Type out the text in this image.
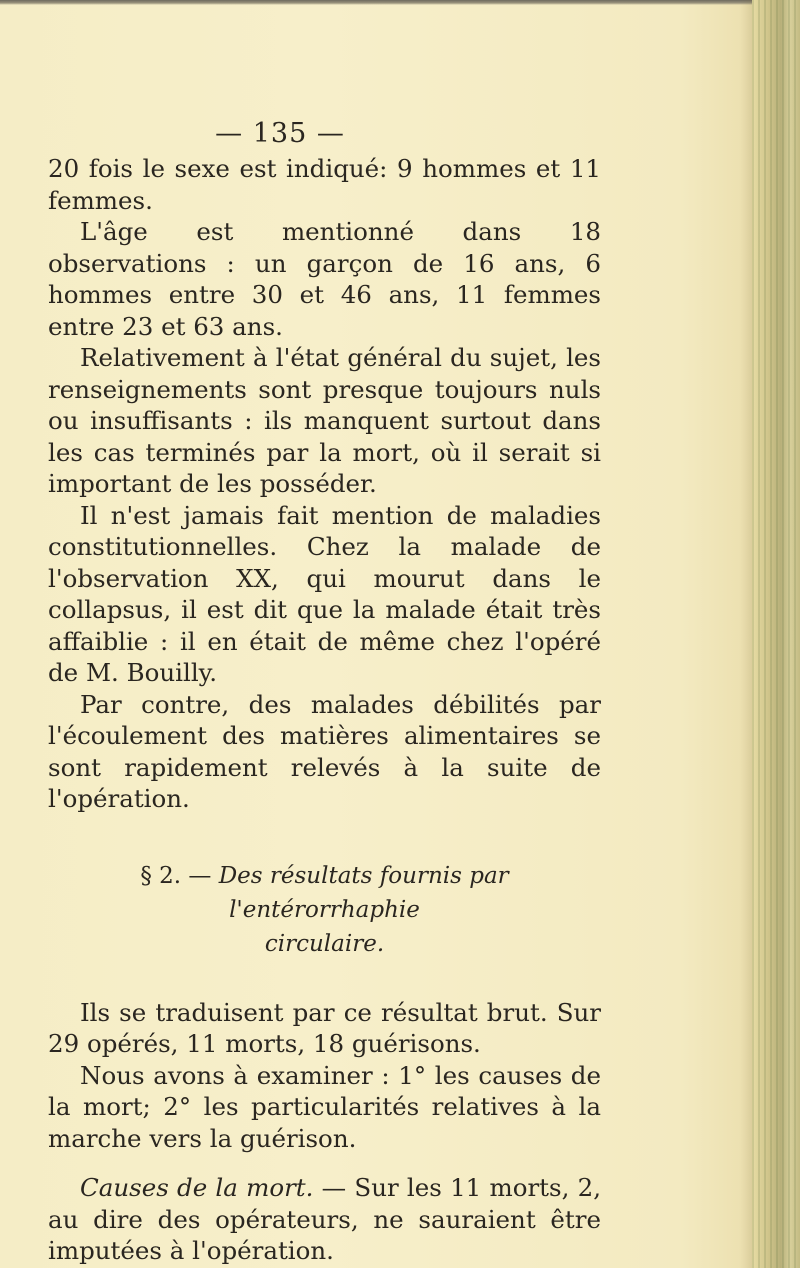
— 135 —

20 fois le sexe est indiqué: 9 hommes et 11 femmes.

L'âge est mentionné dans 18 observations : un garçon de 16 ans, 6 hommes entre 30 et 46 ans, 11 femmes entre 23 et 63 ans.

Relativement à l'état général du sujet, les renseignements sont presque toujours nuls ou insuffisants : ils manquent surtout dans les cas terminés par la mort, où il serait si important de les posséder.

Il n'est jamais fait mention de maladies constitutionnelles. Chez la malade de l'observation XX, qui mourut dans le collapsus, il est dit que la malade était très affaiblie : il en était de même chez l'opéré de M. Bouilly.

Par contre, des malades débilités par l'écoulement des matières alimentaires se sont rapidement relevés à la suite de l'opération.

§ 2. — Des résultats fournis par l'entérorrhaphie
circulaire.

Ils se traduisent par ce résultat brut. Sur 29 opérés, 11 morts, 18 guérisons.

Nous avons à examiner : 1° les causes de la mort; 2° les particularités relatives à la marche vers la guérison.

Causes de la mort. — Sur les 11 morts, 2, au dire des opérateurs, ne sauraient être imputées à l'opération.
